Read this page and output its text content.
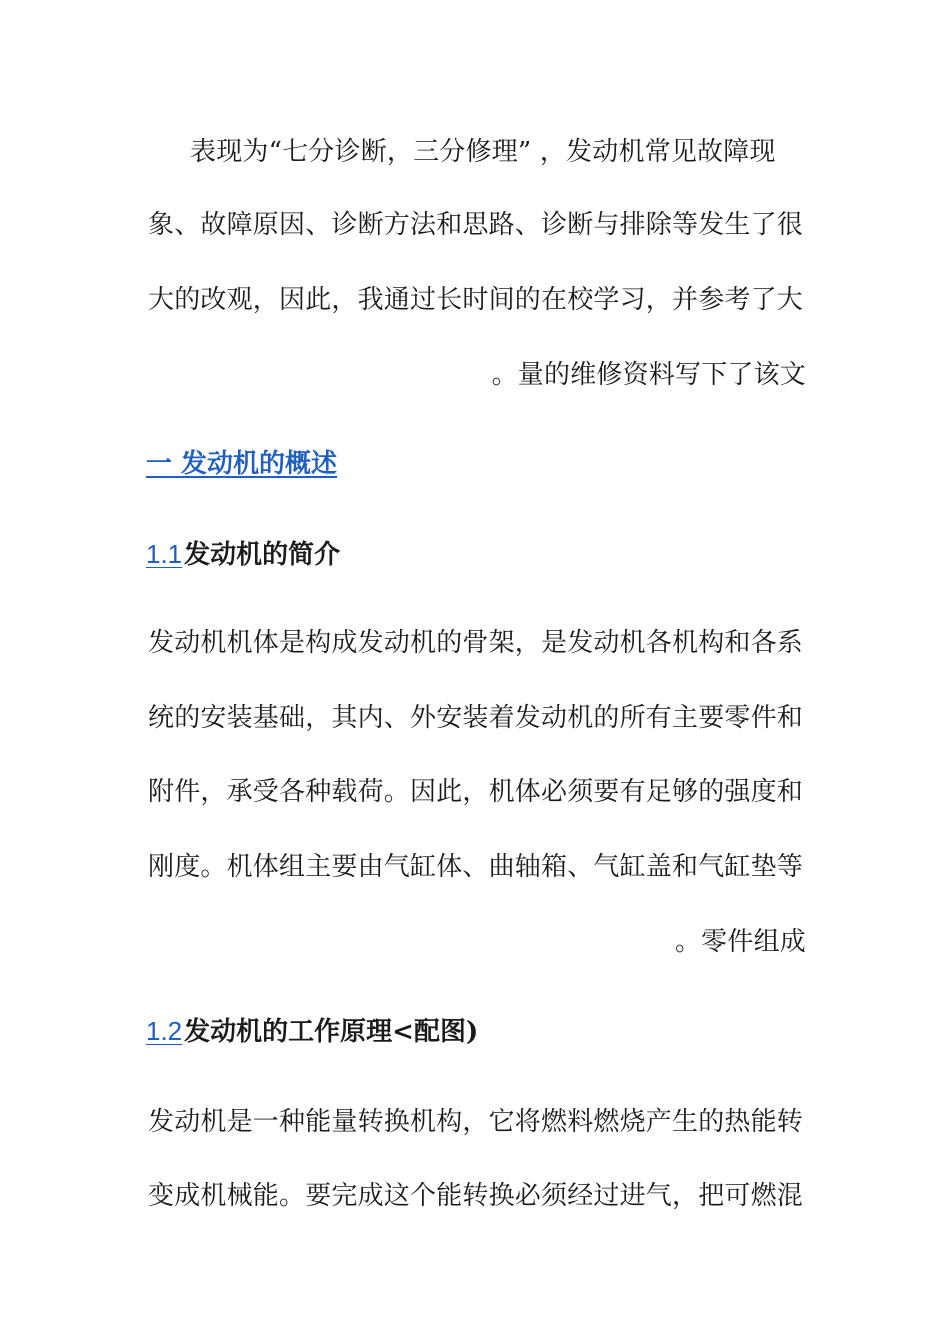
表现为“七分诊断，三分修理” ，发动机常见故障现
象、故障原因、诊断方法和思路、诊断与排除等发生了很
大的改观，因此，我通过长时间的在校学习，并参考了大
。量的维修资料写下了该文
一 发动机的概述
1.1发动机的简介
发动机机体是构成发动机的骨架，是发动机各机构和各系
统的安装基础，其内、外安装着发动机的所有主要零件和
附件，承受各种载荷。因此，机体必须要有足够的强度和
刚度。机体组主要由气缸体、曲轴箱、气缸盖和气缸垫等
。零件组成
1.2发动机的工作原理<配图)
发动机是一种能量转换机构，它将燃料燃烧产生的热能转
变成机械能。要完成这个能转换必须经过进气，把可燃混
